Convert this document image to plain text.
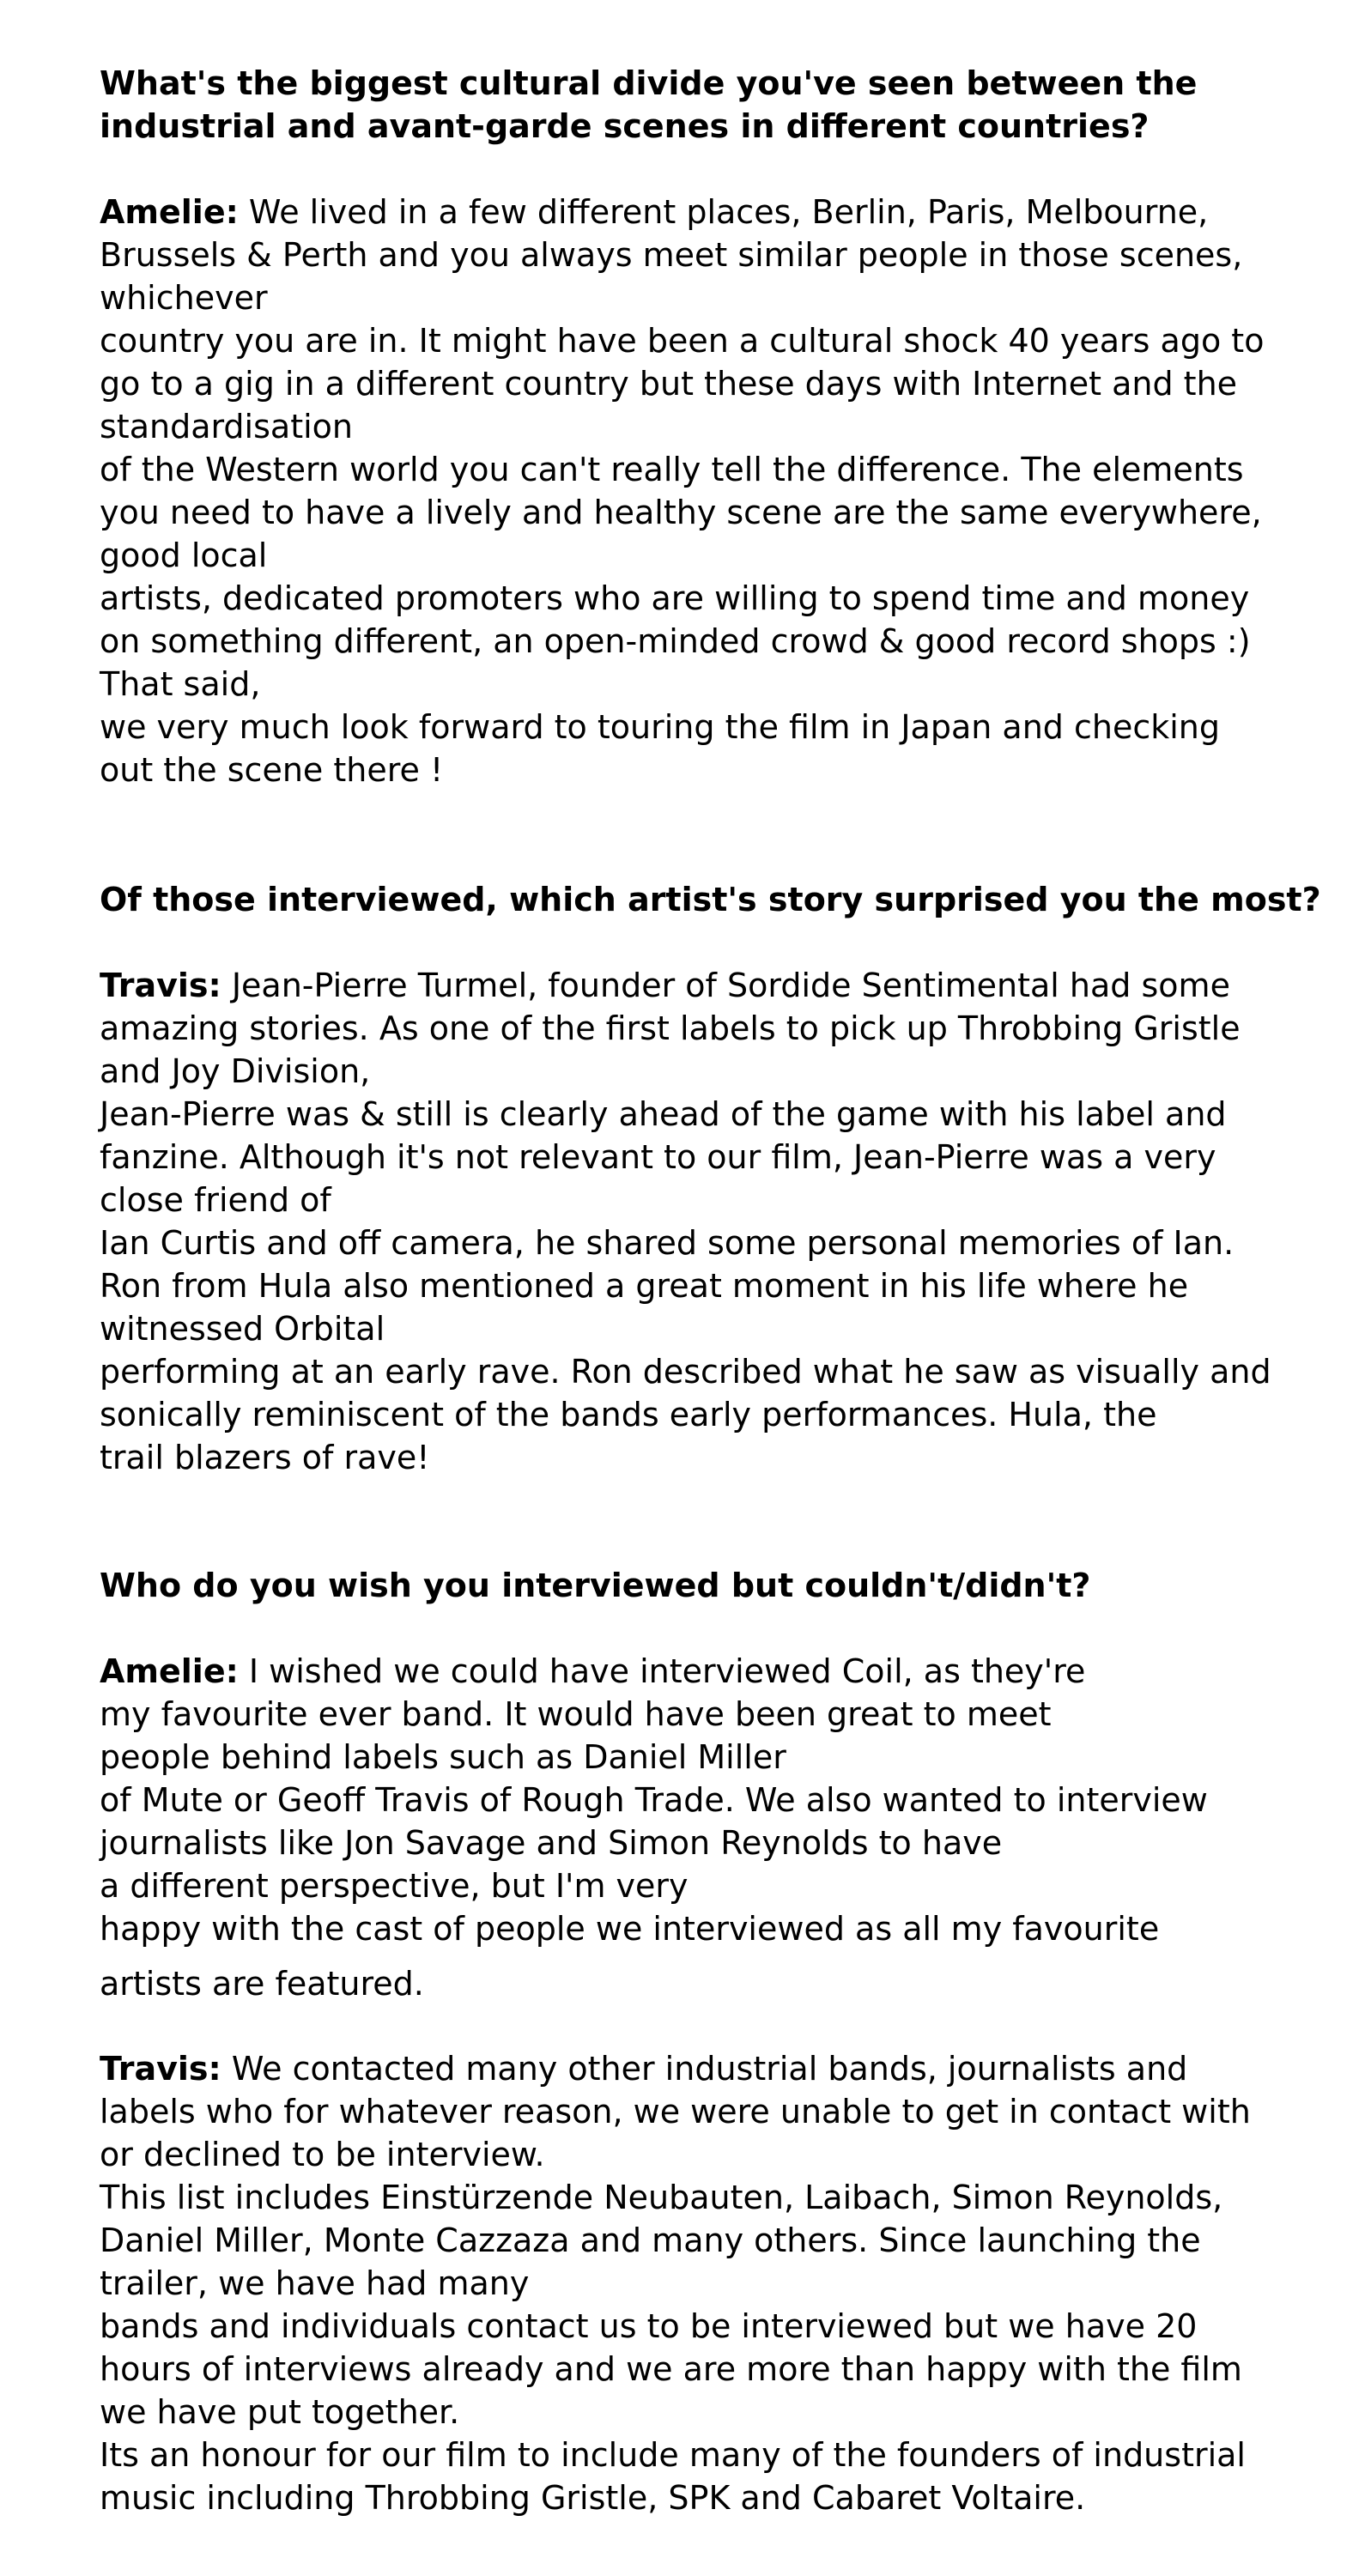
What's the biggest cultural divide you've seen between the
industrial and avant-garde scenes in different countries?
Amelie: We lived in a few different places, Berlin, Paris, Melbourne,
Brussels & Perth and you always meet similar people in those scenes,
whichever
country you are in. It might have been a cultural shock 40 years ago to
go to a gig in a different country but these days with Internet and the
standardisation
of the Western world you can't really tell the difference. The elements
you need to have a lively and healthy scene are the same everywhere,
good local
artists, dedicated promoters who are willing to spend time and money
on something different, an open-minded crowd & good record shops :)
That said,
we very much look forward to touring the film in Japan and checking
out the scene there !
Of those interviewed, which artist's story surprised you the most?
Travis: Jean-Pierre Turmel, founder of Sordide Sentimental had some
amazing stories. As one of the first labels to pick up Throbbing Gristle
and Joy Division,
Jean-Pierre was & still is clearly ahead of the game with his label and
fanzine. Although it's not relevant to our film, Jean-Pierre was a very
close friend of
Ian Curtis and off camera, he shared some personal memories of Ian.
Ron from Hula also mentioned a great moment in his life where he
witnessed Orbital
performing at an early rave. Ron described what he saw as visually and
sonically reminiscent of the bands early performances. Hula, the
trail blazers of rave!
Who do you wish you interviewed but couldn't/didn't?
Amelie: I wished we could have interviewed Coil, as they're
my favourite ever band. It would have been great to meet
people behind labels such as Daniel Miller
of Mute or Geoff Travis of Rough Trade. We also wanted to interview
journalists like Jon Savage and Simon Reynolds to have
a different perspective, but I'm very
happy with the cast of people we interviewed as all my favourite
artists are featured.
Travis: We contacted many other industrial bands, journalists and
labels who for whatever reason, we were unable to get in contact with
or declined to be interview.
This list includes Einstürzende Neubauten, Laibach, Simon Reynolds,
Daniel Miller, Monte Cazzaza and many others. Since launching the
trailer, we have had many
bands and individuals contact us to be interviewed but we have 20
hours of interviews already and we are more than happy with the film
we have put together.
Its an honour for our film to include many of the founders of industrial
music including Throbbing Gristle, SPK and Cabaret Voltaire.
